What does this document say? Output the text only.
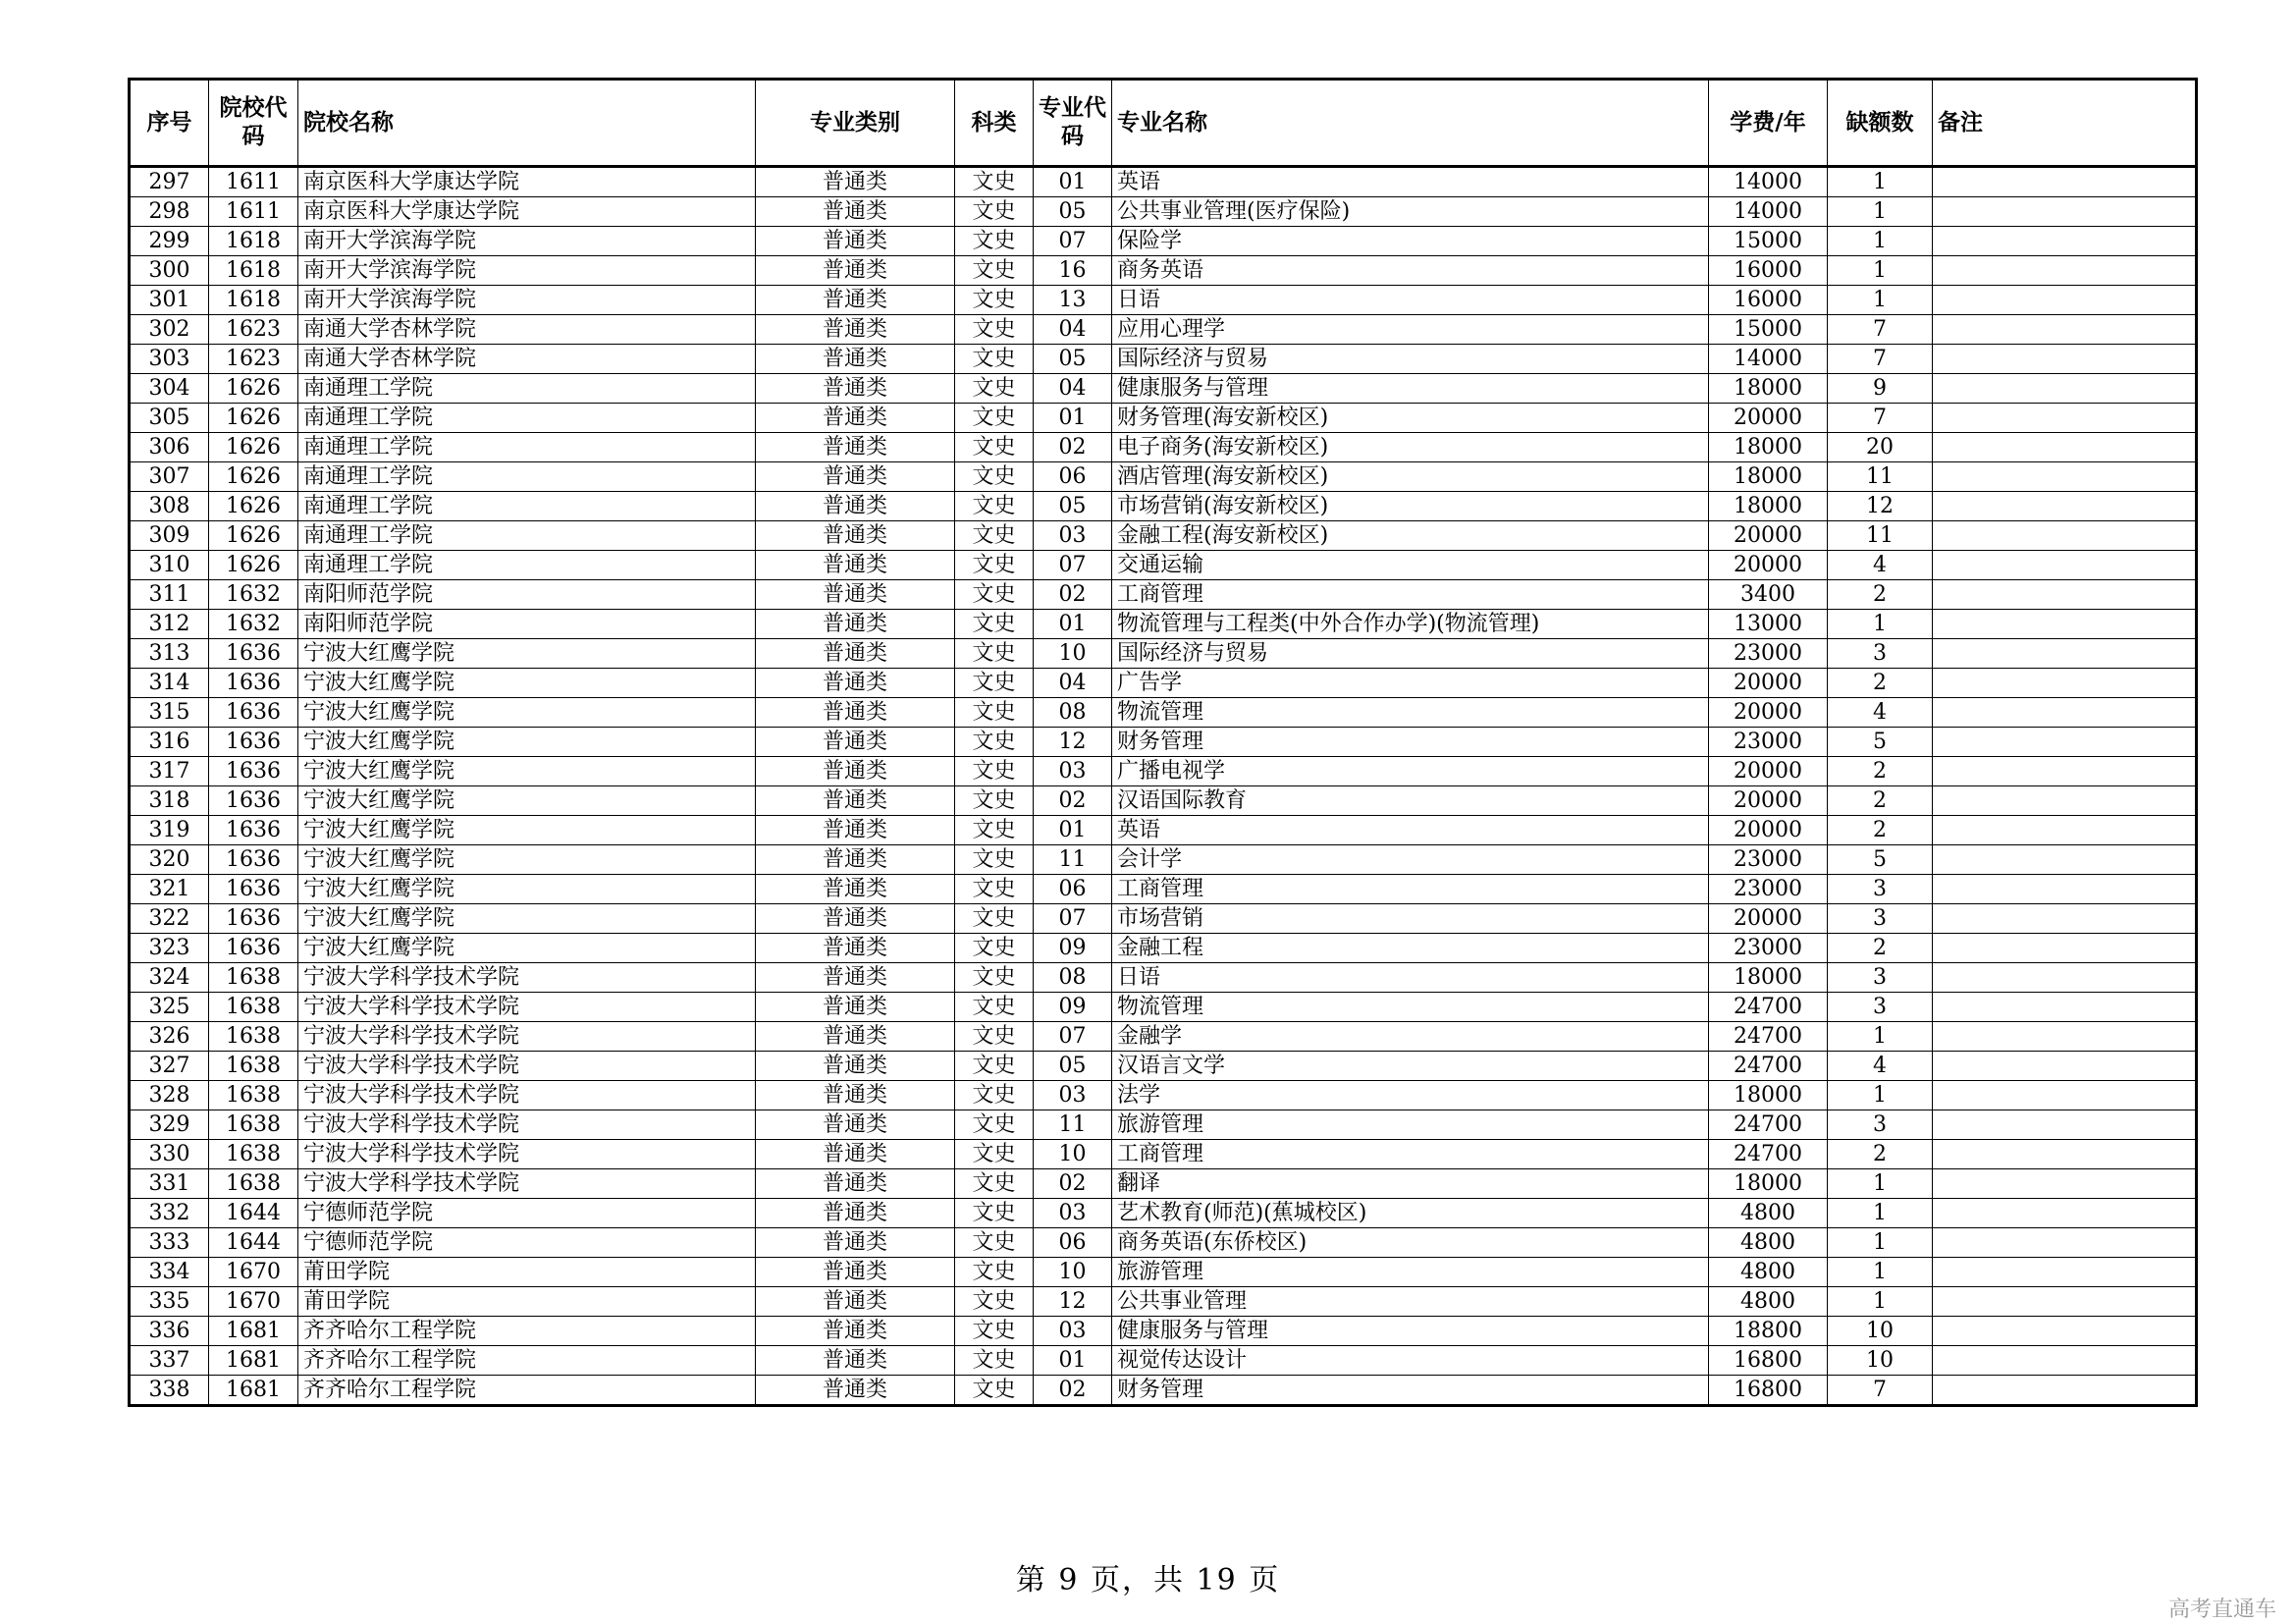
序号	院校代码	院校名称	专业类别	科类	专业代码	专业名称	学费/年	缺额数	备注
297	1611	南京医科大学康达学院	普通类	文史	01	英语	14000	1	
298	1611	南京医科大学康达学院	普通类	文史	05	公共事业管理(医疗保险)	14000	1	
299	1618	南开大学滨海学院	普通类	文史	07	保险学	15000	1	
300	1618	南开大学滨海学院	普通类	文史	16	商务英语	16000	1	
301	1618	南开大学滨海学院	普通类	文史	13	日语	16000	1	
302	1623	南通大学杏林学院	普通类	文史	04	应用心理学	15000	7	
303	1623	南通大学杏林学院	普通类	文史	05	国际经济与贸易	14000	7	
304	1626	南通理工学院	普通类	文史	04	健康服务与管理	18000	9	
305	1626	南通理工学院	普通类	文史	01	财务管理(海安新校区)	20000	7	
306	1626	南通理工学院	普通类	文史	02	电子商务(海安新校区)	18000	20	
307	1626	南通理工学院	普通类	文史	06	酒店管理(海安新校区)	18000	11	
308	1626	南通理工学院	普通类	文史	05	市场营销(海安新校区)	18000	12	
309	1626	南通理工学院	普通类	文史	03	金融工程(海安新校区)	20000	11	
310	1626	南通理工学院	普通类	文史	07	交通运输	20000	4	
311	1632	南阳师范学院	普通类	文史	02	工商管理	3400	2	
312	1632	南阳师范学院	普通类	文史	01	物流管理与工程类(中外合作办学)(物流管理)	13000	1	
313	1636	宁波大红鹰学院	普通类	文史	10	国际经济与贸易	23000	3	
314	1636	宁波大红鹰学院	普通类	文史	04	广告学	20000	2	
315	1636	宁波大红鹰学院	普通类	文史	08	物流管理	20000	4	
316	1636	宁波大红鹰学院	普通类	文史	12	财务管理	23000	5	
317	1636	宁波大红鹰学院	普通类	文史	03	广播电视学	20000	2	
318	1636	宁波大红鹰学院	普通类	文史	02	汉语国际教育	20000	2	
319	1636	宁波大红鹰学院	普通类	文史	01	英语	20000	2	
320	1636	宁波大红鹰学院	普通类	文史	11	会计学	23000	5	
321	1636	宁波大红鹰学院	普通类	文史	06	工商管理	23000	3	
322	1636	宁波大红鹰学院	普通类	文史	07	市场营销	20000	3	
323	1636	宁波大红鹰学院	普通类	文史	09	金融工程	23000	2	
324	1638	宁波大学科学技术学院	普通类	文史	08	日语	18000	3	
325	1638	宁波大学科学技术学院	普通类	文史	09	物流管理	24700	3	
326	1638	宁波大学科学技术学院	普通类	文史	07	金融学	24700	1	
327	1638	宁波大学科学技术学院	普通类	文史	05	汉语言文学	24700	4	
328	1638	宁波大学科学技术学院	普通类	文史	03	法学	18000	1	
329	1638	宁波大学科学技术学院	普通类	文史	11	旅游管理	24700	3	
330	1638	宁波大学科学技术学院	普通类	文史	10	工商管理	24700	2	
331	1638	宁波大学科学技术学院	普通类	文史	02	翻译	18000	1	
332	1644	宁德师范学院	普通类	文史	03	艺术教育(师范)(蕉城校区)	4800	1	
333	1644	宁德师范学院	普通类	文史	06	商务英语(东侨校区)	4800	1	
334	1670	莆田学院	普通类	文史	10	旅游管理	4800	1	
335	1670	莆田学院	普通类	文史	12	公共事业管理	4800	1	
336	1681	齐齐哈尔工程学院	普通类	文史	03	健康服务与管理	18800	10	
337	1681	齐齐哈尔工程学院	普通类	文史	01	视觉传达设计	16800	10	
338	1681	齐齐哈尔工程学院	普通类	文史	02	财务管理	16800	7	
第 9 页，共 19 页
高考直通车
